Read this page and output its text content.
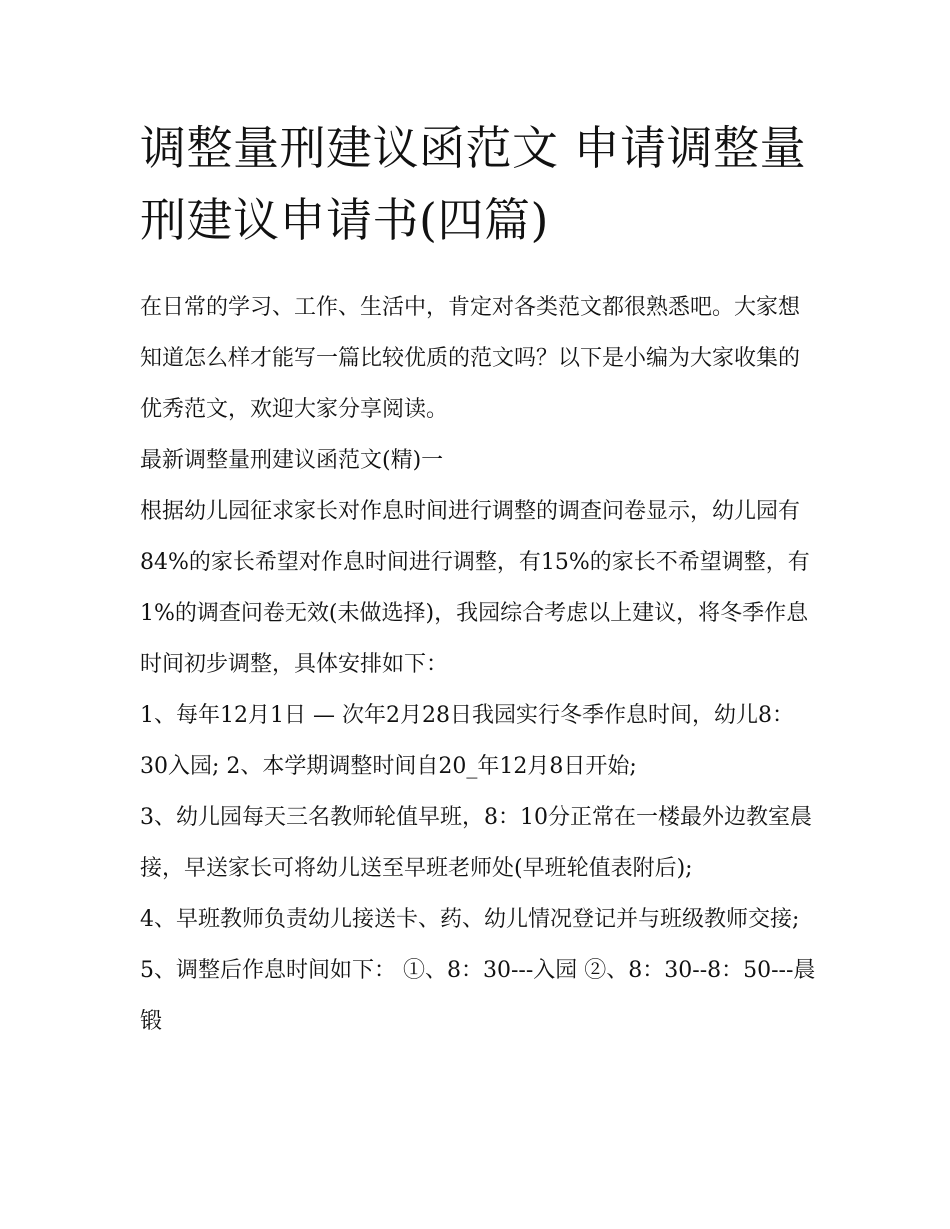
调整量刑建议函范文 申请调整量刑建议申请书(四篇)

在日常的学习、工作、生活中，肯定对各类范文都很熟悉吧。大家想知道怎么样才能写一篇比较优质的范文吗？以下是小编为大家收集的优秀范文，欢迎大家分享阅读。

最新调整量刑建议函范文(精)一

根据幼儿园征求家长对作息时间进行调整的调查问卷显示，幼儿园有84%的家长希望对作息时间进行调整，有15%的家长不希望调整，有1%的调查问卷无效(未做选择)，我园综合考虑以上建议，将冬季作息时间初步调整，具体安排如下：

1、每年12月1日 — 次年2月28日我园实行冬季作息时间，幼儿8：30入园; 2、本学期调整时间自20_年12月8日开始;

3、幼儿园每天三名教师轮值早班，8：10分正常在一楼最外边教室晨接，早送家长可将幼儿送至早班老师处(早班轮值表附后);

4、早班教师负责幼儿接送卡、药、幼儿情况登记并与班级教师交接; 5、调整后作息时间如下： ①、8：30---入园 ②、8：30--8：50---晨锻
